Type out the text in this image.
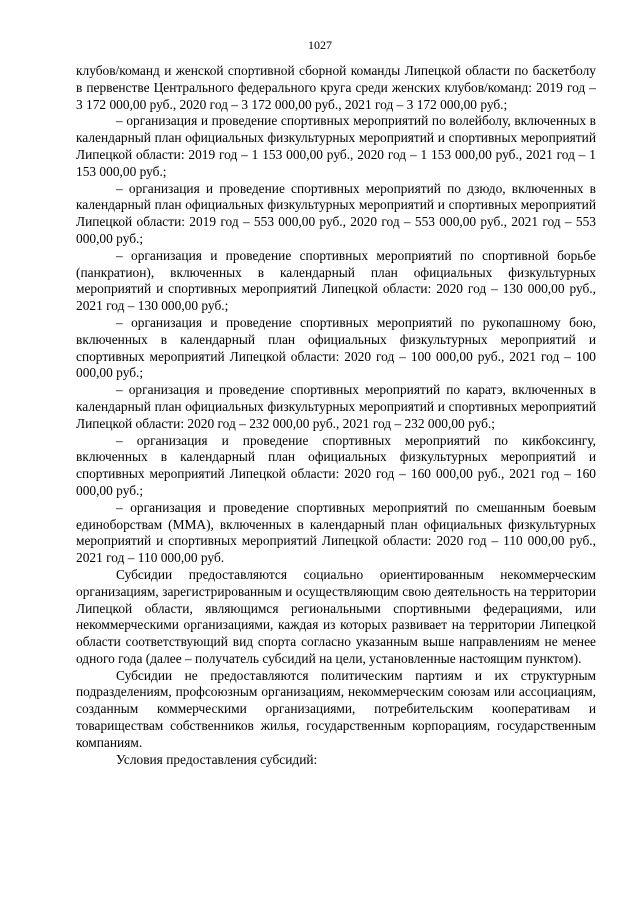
1027

клубов/команд и женской спортивной сборной команды Липецкой области по баскетболу в первенстве Центрального федерального круга среди женских клубов/команд: 2019 год – 3 172 000,00 руб., 2020 год – 3 172 000,00 руб., 2021 год – 3 172 000,00 руб.;

– организация и проведение спортивных мероприятий по волейболу, включенных в календарный план официальных физкультурных мероприятий и спортивных мероприятий Липецкой области: 2019 год – 1 153 000,00 руб., 2020 год – 1 153 000,00 руб., 2021 год – 1 153 000,00 руб.;

– организация и проведение спортивных мероприятий по дзюдо, включенных в календарный план официальных физкультурных мероприятий и спортивных мероприятий Липецкой области: 2019 год – 553 000,00 руб., 2020 год – 553 000,00 руб., 2021 год – 553 000,00 руб.;

– организация и проведение спортивных мероприятий по спортивной борьбе (панкратион), включенных в календарный план официальных физкультурных мероприятий и спортивных мероприятий Липецкой области: 2020 год – 130 000,00 руб., 2021 год – 130 000,00 руб.;

– организация и проведение спортивных мероприятий по рукопашному бою, включенных в календарный план официальных физкультурных мероприятий и спортивных мероприятий Липецкой области: 2020 год – 100 000,00 руб., 2021 год – 100 000,00 руб.;

– организация и проведение спортивных мероприятий по каратэ, включенных в календарный план официальных физкультурных мероприятий и спортивных мероприятий Липецкой области: 2020 год – 232 000,00 руб., 2021 год – 232 000,00 руб.;

– организация и проведение спортивных мероприятий по кикбоксингу, включенных в календарный план официальных физкультурных мероприятий и спортивных мероприятий Липецкой области: 2020 год – 160 000,00 руб., 2021 год – 160 000,00 руб.;

– организация и проведение спортивных мероприятий по смешанным боевым единоборствам (ММА), включенных в календарный план официальных физкультурных мероприятий и спортивных мероприятий Липецкой области: 2020 год – 110 000,00 руб., 2021 год – 110 000,00 руб.

Субсидии предоставляются социально ориентированным некоммерческим организациям, зарегистрированным и осуществляющим свою деятельность на территории Липецкой области, являющимся региональными спортивными федерациями, или некоммерческими организациями, каждая из которых развивает на территории Липецкой области соответствующий вид спорта согласно указанным выше направлениям не менее одного года (далее – получатель субсидий на цели, установленные настоящим пунктом).

Субсидии не предоставляются политическим партиям и их структурным подразделениям, профсоюзным организациям, некоммерческим союзам или ассоциациям, созданным коммерческими организациями, потребительским кооперативам и товариществам собственников жилья, государственным корпорациям, государственным компаниям.

Условия предоставления субсидий:
